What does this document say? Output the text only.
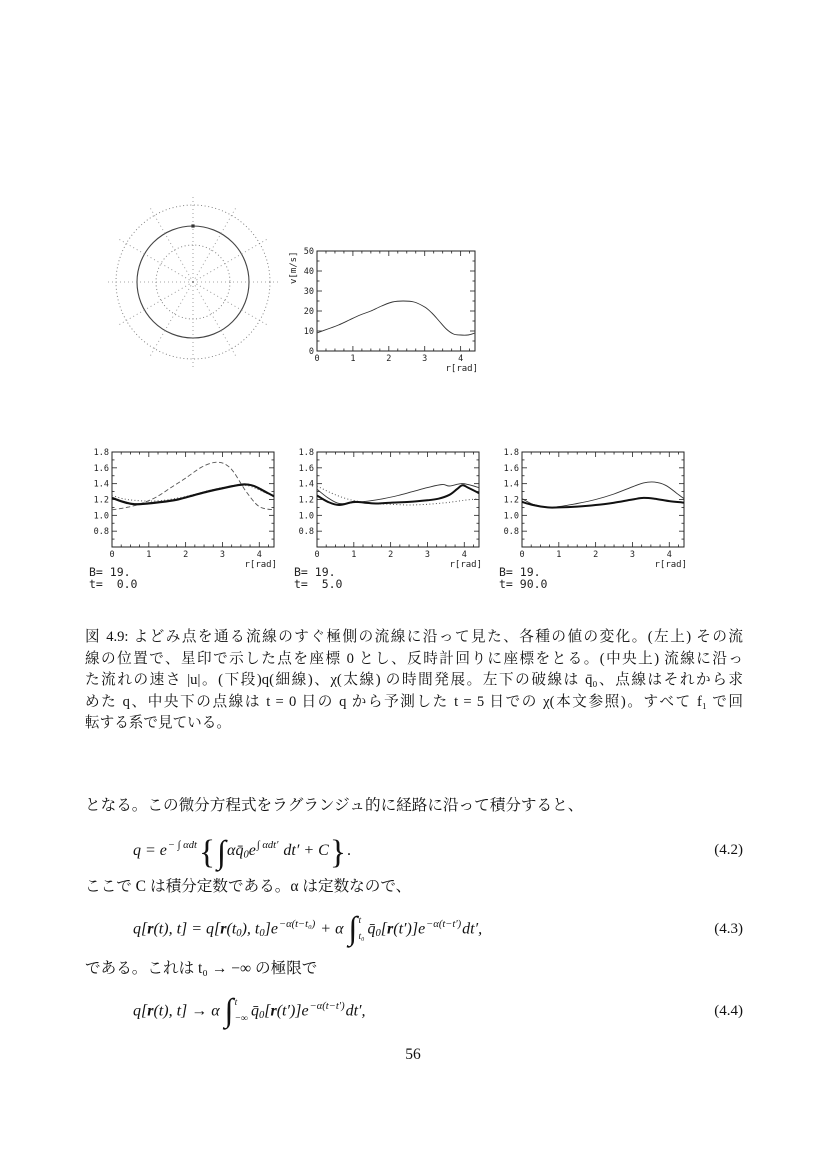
0	1	2	3	4
0
10
20
30
40
50
r[rad]
v[m/s]
0	1	2	3	4
0.8
1.0
1.2
1.4
1.6
1.8
r[rad]
B= 19.
t=  0.0
0	1	2	3	4
0.8
1.0
1.2
1.4
1.6
1.8
r[rad]
B= 19.
t=  5.0
0	1	2	3	4
0.8
1.0
1.2
1.4
1.6
1.8
r[rad]
B= 19.
t= 90.0
図 4.9: よどみ点を通る流線のすぐ極側の流線に沿って見た、各種の値の変化。(左上) その流
線の位置で、星印で示した点を座標 0 とし、反時計回りに座標をとる。(中央上) 流線に沿っ
た流れの速さ |u|。(下段)q(細線)、χ(太線) の時間発展。左下の破線は q̄₀、点線はそれから求
めた q、中央下の点線は t = 0 日の q から予測した t = 5 日での χ(本文参照)。すべて f₁ で回
転する系で見ている。

となる。この微分方程式をラグランジュ的に経路に沿って積分すると、

$q = e^{- \int \alpha dt}\{\int\alpha q̄0e^{\int \alpha dt'}$ dt′ + C}.	(4.2)

ここで C は積分定数である。α は定数なので、

q[r(t), t] = q[r(t0), $t0]e^{-\alpha(t-t_0)} + \alpha$ ∫ t
t₀ $q̄0[r(t')]e^{-\alpha(t-t')}dt'$,	(4.3)

である。これは t₀ → −∞ の極限で

q[r(t), t] → α ∫ t
−∞ $q̄0[r(t')]e^{-\alpha(t-t')}dt'$,	(4.4)
56
